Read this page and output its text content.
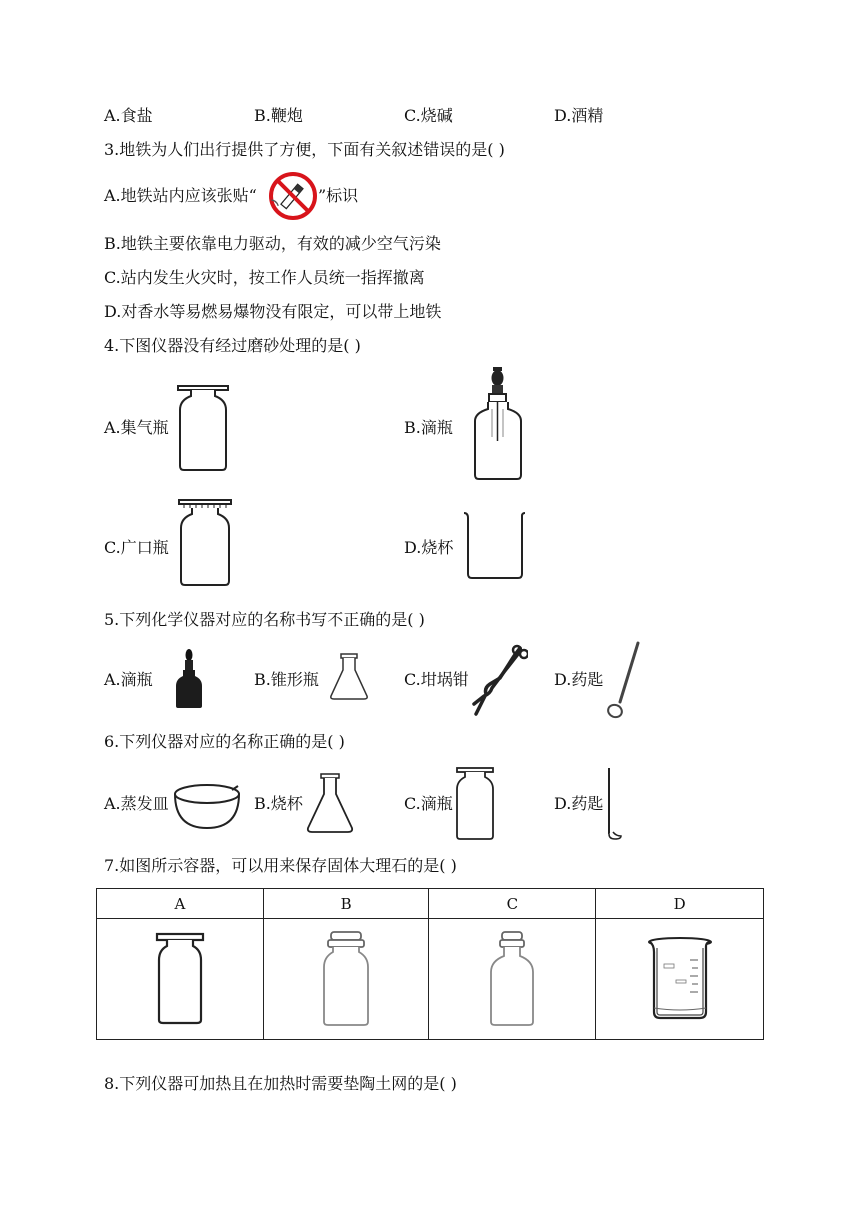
A.食盐	B.鞭炮	C.烧碱	D.酒精
3.地铁为人们出行提供了方便，下面有关叙述错误的是( )
A.地铁站内应该张贴“	”标识
B.地铁主要依靠电力驱动，有效的减少空气污染
C.站内发生火灾时，按工作人员统一指挥撤离
D.对香水等易燃易爆物没有限定，可以带上地铁
4.下图仪器没有经过磨砂处理的是( )
A.集气瓶	B.滴瓶
C.广口瓶	D.烧杯
5.下列化学仪器对应的名称书写不正确的是( )
A.滴瓶	B.锥形瓶	C.坩埚钳	D.药匙
6.下列仪器对应的名称正确的是( )
A.蒸发皿	B.烧杯	C.滴瓶	D.药匙
7.如图所示容器，可以用来保存固体大理石的是( )
A	B	C	D

8.下列仪器可加热且在加热时需要垫陶土网的是( )
